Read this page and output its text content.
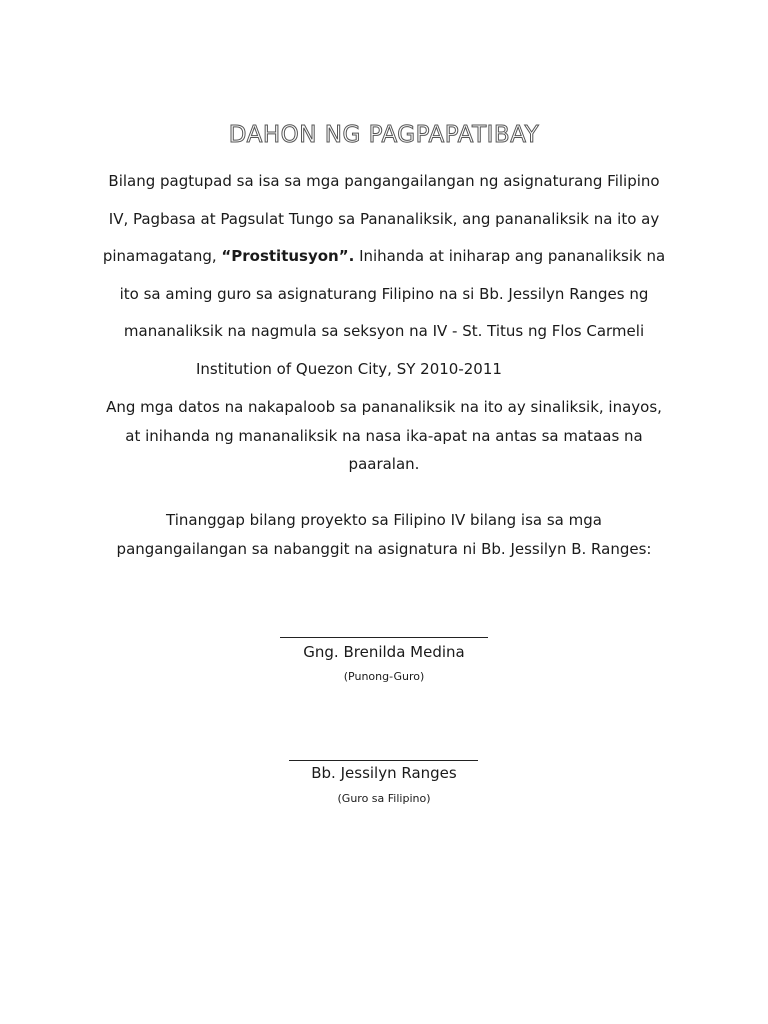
DAHON NG PAGPAPATIBAY
Bilang pagtupad sa isa sa mga pangangailangan ng asignaturang Filipino
IV, Pagbasa at Pagsulat Tungo sa Pananaliksik, ang pananaliksik na ito ay
pinamagatang, “Prostitusyon”. Inihanda at iniharap ang pananaliksik na
ito sa aming guro sa asignaturang Filipino na si Bb. Jessilyn Ranges ng
mananaliksik na nagmula sa seksyon na IV - St. Titus ng Flos Carmeli
Institution of Quezon City, SY 2010-2011
Ang mga datos na nakapaloob sa pananaliksik na ito ay sinaliksik, inayos,
at inihanda ng mananaliksik na nasa ika-apat na antas sa mataas na
paaralan.
Tinanggap bilang proyekto sa Filipino IV bilang isa sa mga
pangangailangan sa nabanggit na asignatura ni Bb. Jessilyn B. Ranges:
Gng. Brenilda Medina
(Punong-Guro)
Bb. Jessilyn Ranges
(Guro sa Filipino)
